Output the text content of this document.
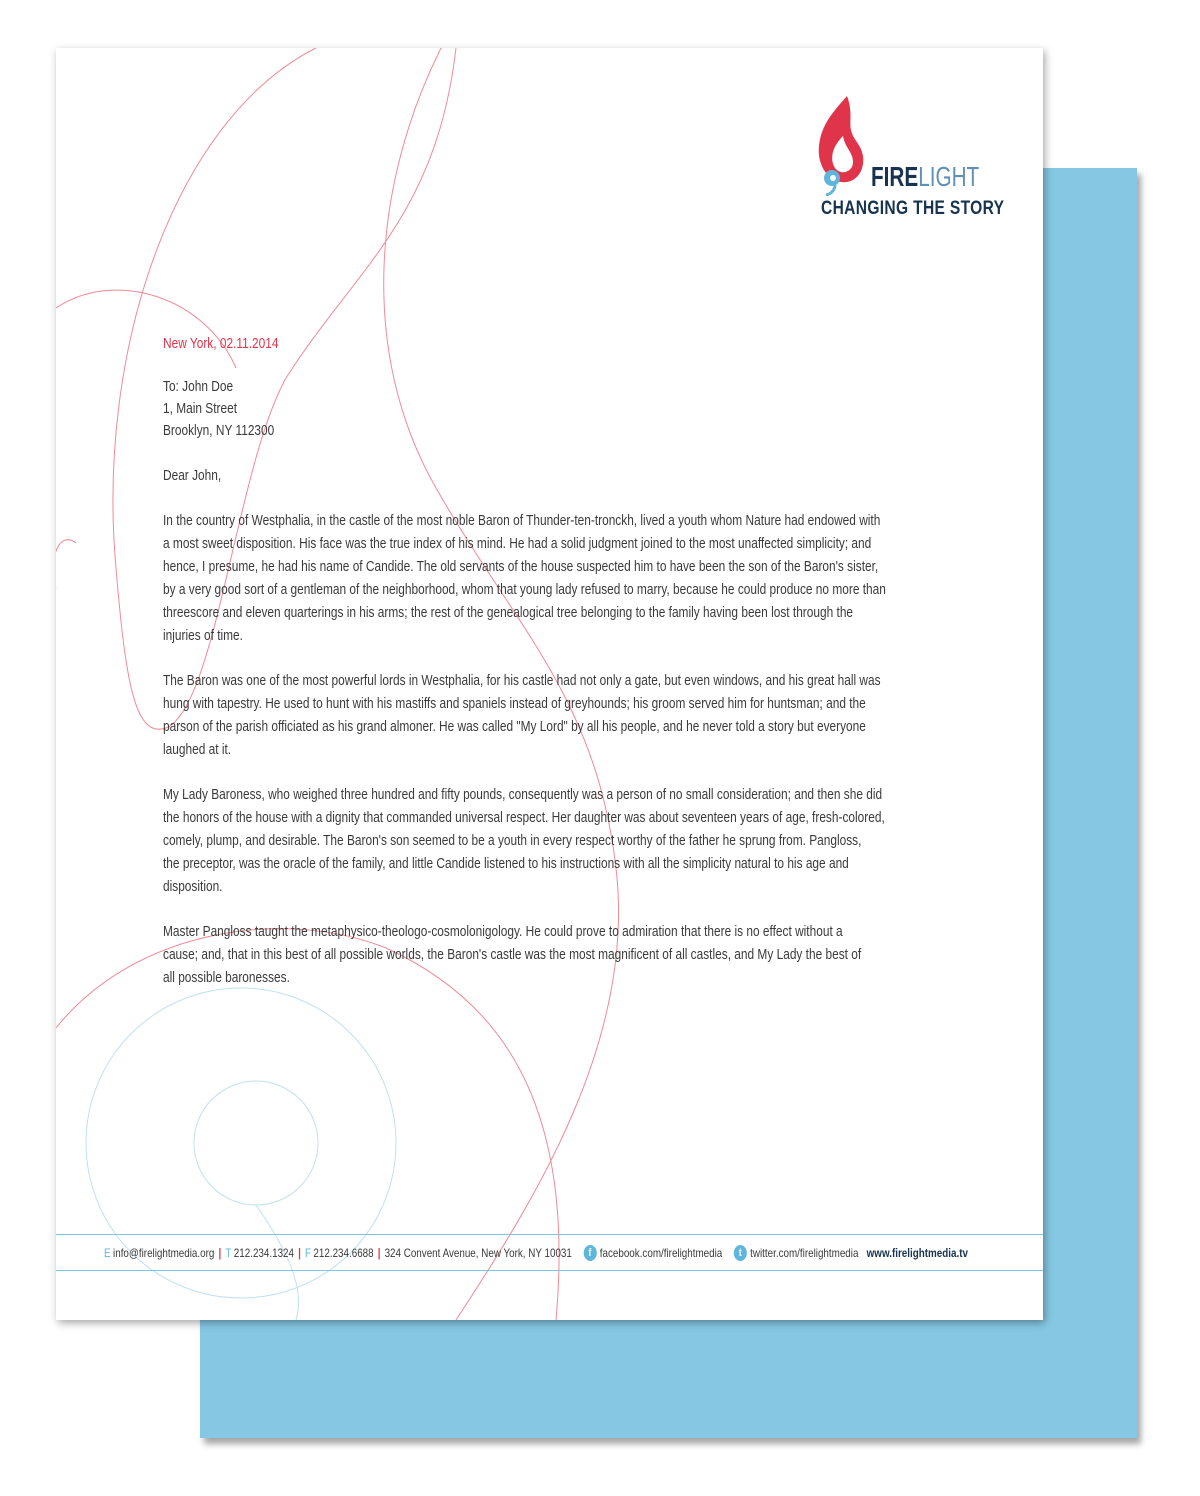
FIRELIGHT
CHANGING THE STORY
New York, 02.11.2014
To: John Doe
1, Main Street
Brooklyn, NY 112300
Dear John,
In the country of Westphalia, in the castle of the most noble Baron of Thunder-ten-tronckh, lived a youth whom Nature had endowed with
a most sweet disposition. His face was the true index of his mind. He had a solid judgment joined to the most unaffected simplicity; and
hence, I presume, he had his name of Candide. The old servants of the house suspected him to have been the son of the Baron's sister,
by a very good sort of a gentleman of the neighborhood, whom that young lady refused to marry, because he could produce no more than
threescore and eleven quarterings in his arms; the rest of the genealogical tree belonging to the family having been lost through the
injuries of time.
The Baron was one of the most powerful lords in Westphalia, for his castle had not only a gate, but even windows, and his great hall was
hung with tapestry. He used to hunt with his mastiffs and spaniels instead of greyhounds; his groom served him for huntsman; and the
parson of the parish officiated as his grand almoner. He was called "My Lord" by all his people, and he never told a story but everyone
laughed at it.
My Lady Baroness, who weighed three hundred and fifty pounds, consequently was a person of no small consideration; and then she did
the honors of the house with a dignity that commanded universal respect. Her daughter was about seventeen years of age, fresh-colored,
comely, plump, and desirable. The Baron's son seemed to be a youth in every respect worthy of the father he sprung from. Pangloss,
the preceptor, was the oracle of the family, and little Candide listened to his instructions with all the simplicity natural to his age and
disposition.
Master Pangloss taught the metaphysico-theologo-cosmolonigology. He could prove to admiration that there is no effect without a
cause; and, that in this best of all possible worlds, the Baron's castle was the most magnificent of all castles, and My Lady the best of
all possible baronesses.
E info@firelightmedia.org | T 212.234.1324 | F 212.234.6688 | 324 Convent Avenue, New York, NY 10031	f facebook.com/firelightmedia	t twitter.com/firelightmedia www.firelightmedia.tv
